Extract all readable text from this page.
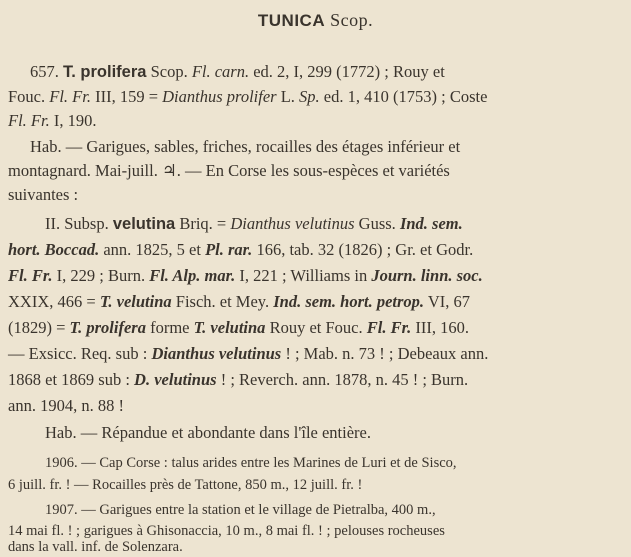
TUNICA Scop.
657. T. prolifera Scop. Fl. carn. ed. 2, I, 299 (1772) ; Rouy et
Fouc. Fl. Fr. III, 159 = Dianthus prolifer L. Sp. ed. 1, 410 (1753) ; Coste
Fl. Fr. I, 190.
Hab. — Garigues, sables, friches, rocailles des étages inférieur et
montagnard. Mai-juill. ♃. — En Corse les sous-espèces et variétés
suivantes :
II. Subsp. velutina Briq. = Dianthus velutinus Guss. Ind. sem.
hort. Boccad. ann. 1825, 5 et Pl. rar. 166, tab. 32 (1826) ; Gr. et Godr.
Fl. Fr. I, 229 ; Burn. Fl. Alp. mar. I, 221 ; Williams in Journ. linn. soc.
XXIX, 466 = T. velutina Fisch. et Mey. Ind. sem. hort. petrop. VI, 67
(1829) = T. prolifera forme T. velutina Rouy et Fouc. Fl. Fr. III, 160.
— Exsicc. Req. sub : Dianthus velutinus ! ; Mab. n. 73 ! ; Debeaux ann.
1868 et 1869 sub : D. velutinus ! ; Reverch. ann. 1878, n. 45 ! ; Burn.
ann. 1904, n. 88 !
Hab. — Répandue et abondante dans l'île entière.
1906. — Cap Corse : talus arides entre les Marines de Luri et de Sisco,
6 juill. fr. ! — Rocailles près de Tattone, 850 m., 12 juill. fr. !
1907. — Garigues entre la station et le village de Pietralba, 400 m.,
14 mai fl. ! ; garigues à Ghisonaccia, 10 m., 8 mai fl. ! ; pelouses rocheuses
dans la vall. inf. de Solenzara.
